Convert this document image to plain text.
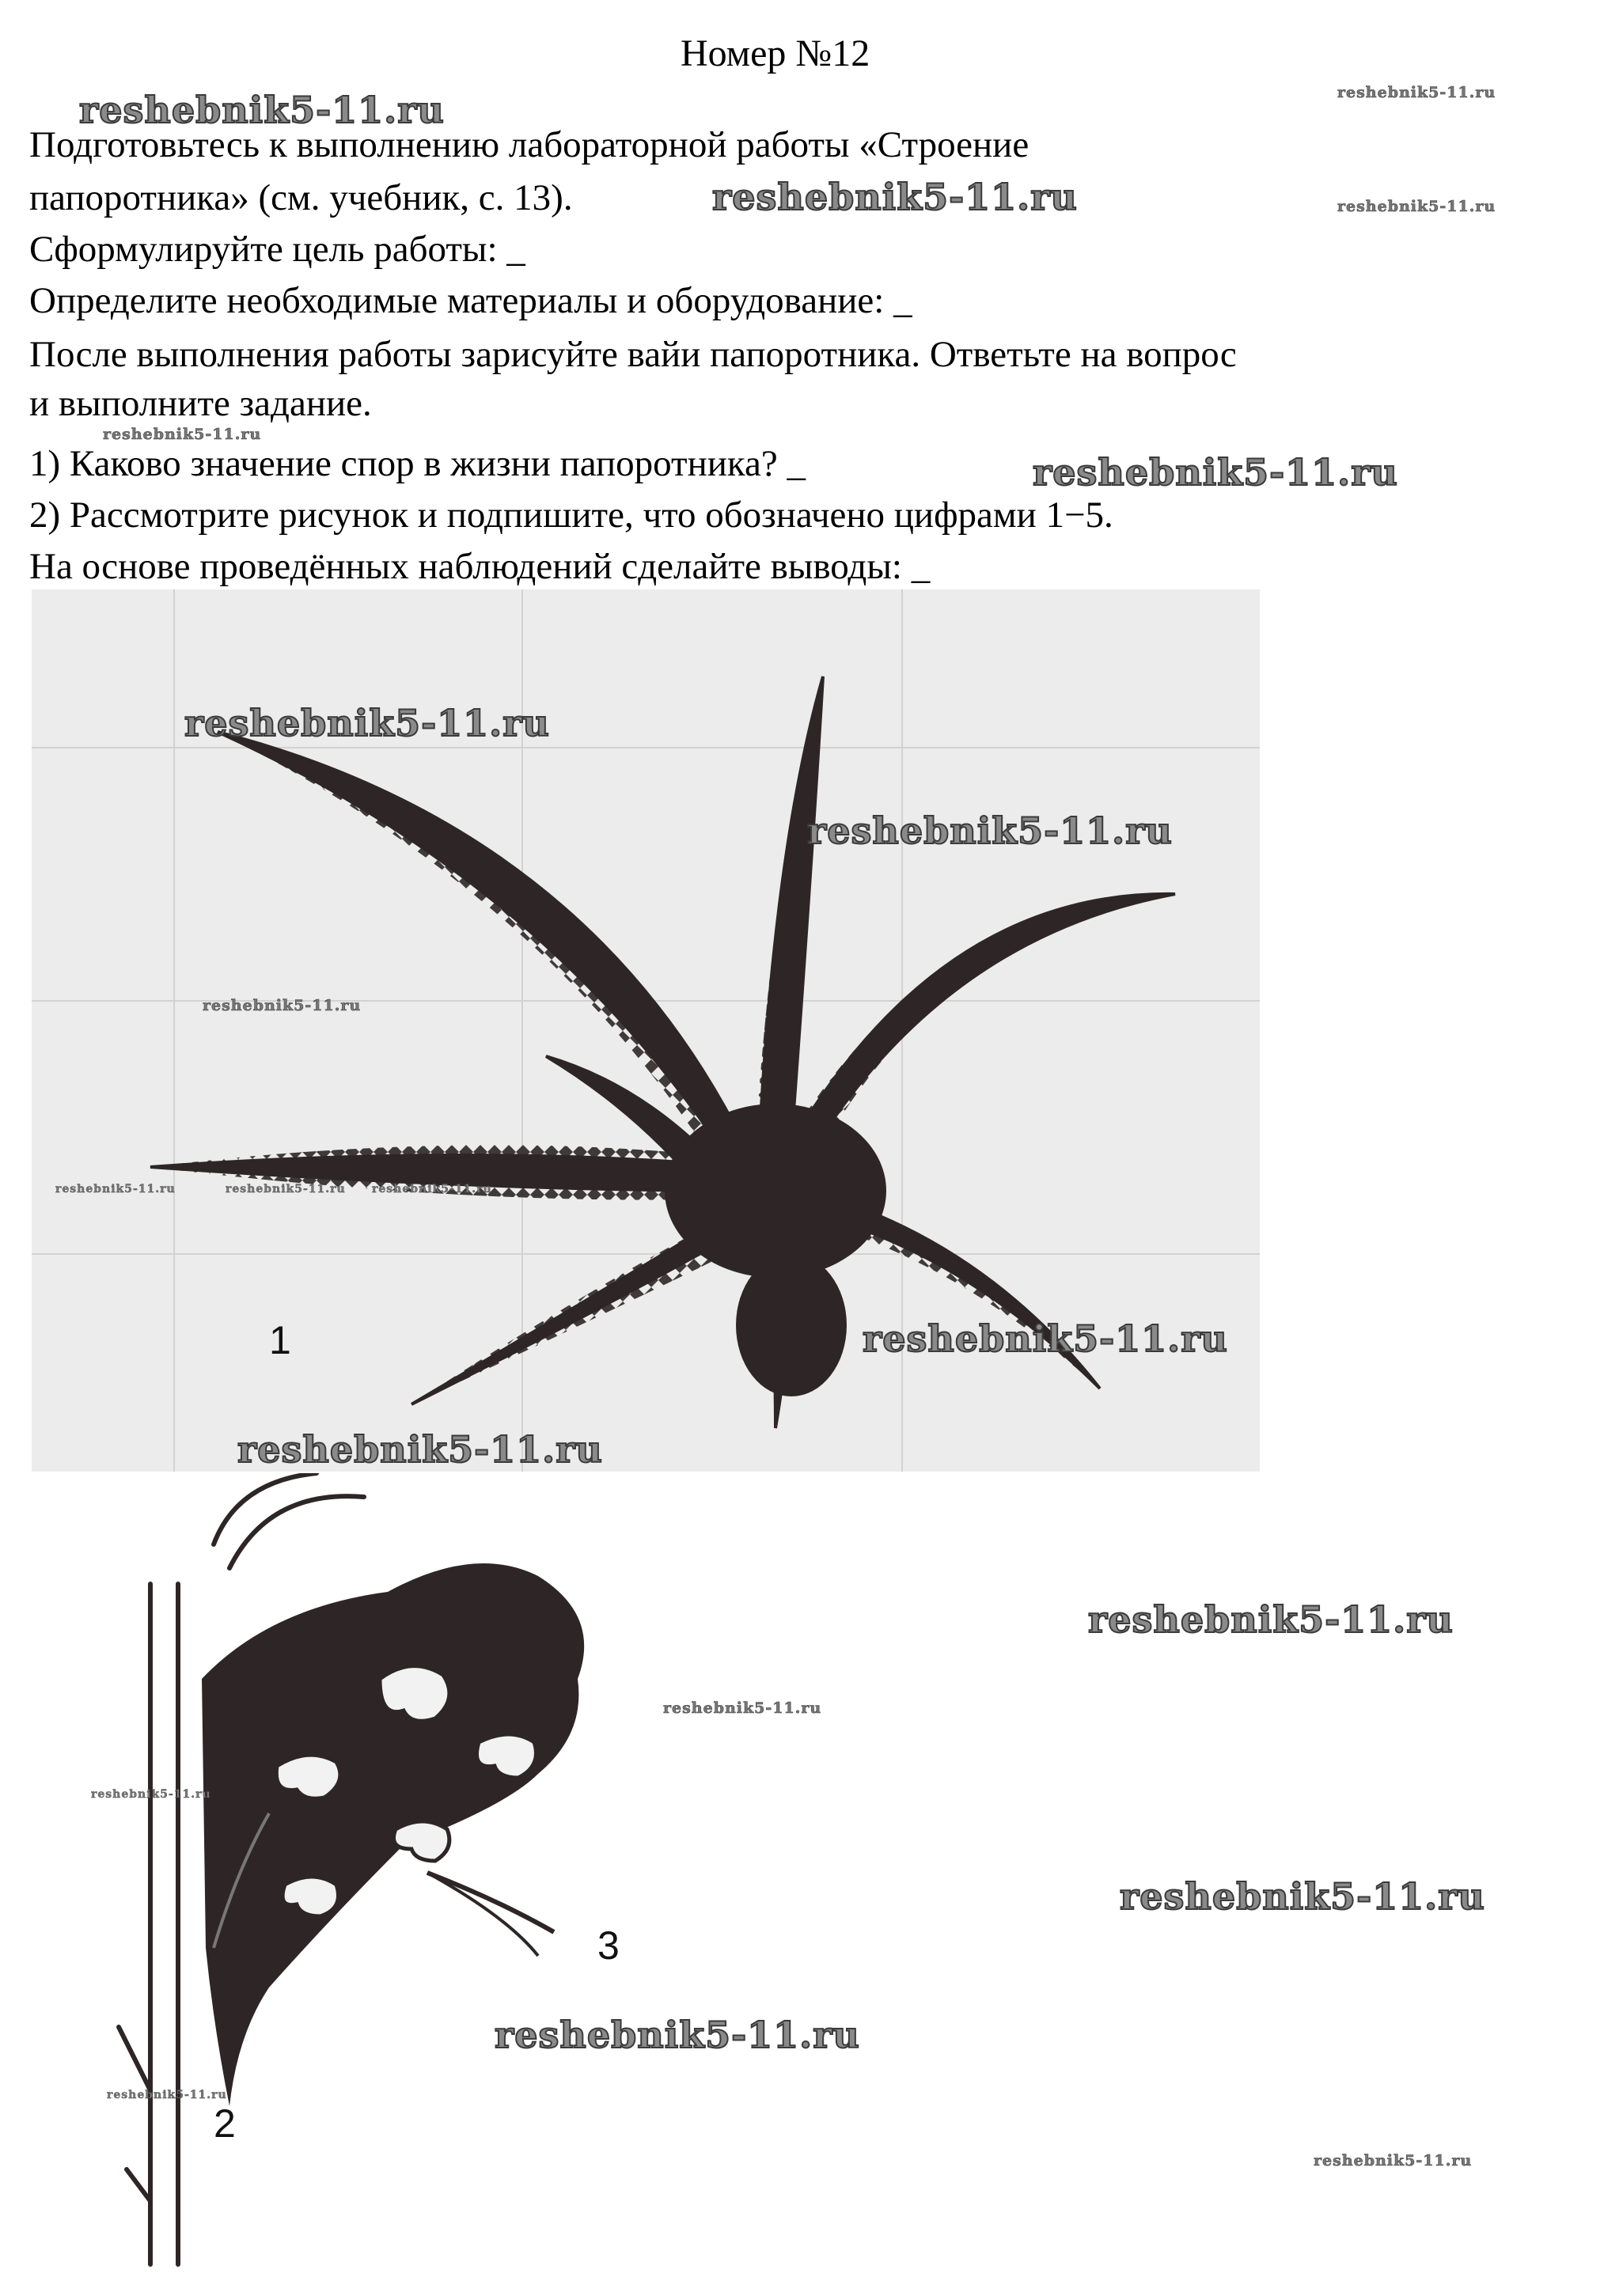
Номер №12
Подготовьтесь к выполнению лабораторной работы «Строение
папоротника» (см. учебник, с. 13).
Сформулируйте цель работы: _
Определите необходимые материалы и оборудование: _
После выполнения работы зарисуйте вайи папоротника. Ответьте на вопрос
и выполните задание.
1) Каково значение спор в жизни папоротника? _
2) Рассмотрите рисунок и подпишите, что обозначено цифрами 1−5.
На основе проведённых наблюдений сделайте выводы: _
1
3
2
reshebnik5-11.ru	reshebnik5-11.ru
reshebnik5-11.ru	reshebnik5-11.ru
reshebnik5-11.ru
reshebnik5-11.ru
reshebnik5-11.ru
reshebnik5-11.ru
reshebnik5-11.ru
reshebnik5-11.ru	reshebnik5-11.ru reshebnik5-11.ru
reshebnik5-11.ru
reshebnik5-11.ru
reshebnik5-11.ru
reshebnik5-11.ru
reshebnik5-11.ru
reshebnik5-11.ru
reshebnik5-11.ru
reshebnik5-11.ru
reshebnik5-11.ru
